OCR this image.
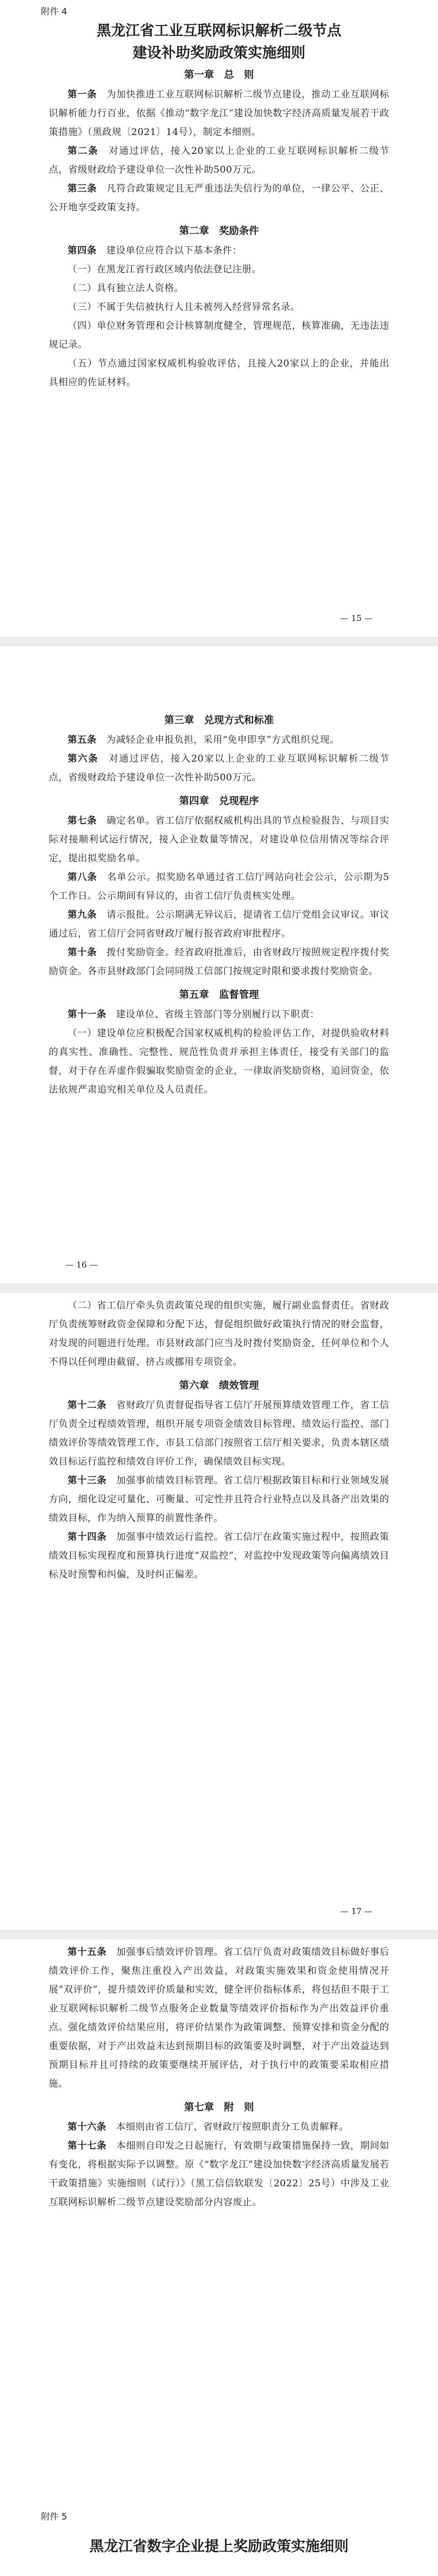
附件 4
黑龙江省工业互联网标识解析二级节点
建设补助奖励政策实施细则
第一章　总　则

第一条　 为加快推进工业互联网标识解析二级节点建设，推动工业互联网标识解析能力行百业，依据《推动“数字龙江”建设加快数字经济高质量发展若干政策措施》（黑政规〔2021〕14号），制定本细则。

第二条　 对通过评估，接入20家以上企业的工业互联网标识解析二级节点，省级财政给予建设单位一次性补助500万元。

第三条　 凡符合政策规定且无严重违法失信行为的单位，一律公平、公正、公开地享受政策支持。

第二章　奖励条件

第四条　 建设单位应符合以下基本条件：

（一）在黑龙江省行政区域内依法登记注册。

（二）具有独立法人资格。

（三）不属于失信被执行人且未被列入经营异常名录。

（四）单位财务管理和会计核算制度健全，管理规范，核算准确，无违法违规记录。

（五）节点通过国家权威机构验收评估，且接入20家以上的企业，并能出具相应的佐证材料。

— 15 —
第三章　兑现方式和标准

第五条　 为减轻企业申报负担，采用“免申即享”方式组织兑现。

第六条　 对通过评估，接入20家以上企业的工业互联网标识解析二级节点，省级财政给予建设单位一次性补助500万元。

第四章　兑现程序

第七条　 确定名单。省工信厅依据权威机构出具的节点检验报告、与项目实际对接顺利试运行情况，接入企业数量等情况，对建设单位信用情况等综合评定，提出拟奖励名单。

第八条　 名单公示。拟奖励名单通过省工信厅网站向社会公示，公示期为5个工作日。公示期间有异议的，由省工信厅负责核实处理。

第九条　 请示报批。公示期满无异议后，提请省工信厅党组会议审议。审议通过后，省工信厅会同省财政厅履行报省政府审批程序。

第十条　 拨付奖励资金。经省政府批准后，由省财政厅按照规定程序拨付奖励资金。各市县财政部门会同同级工信部门按规定时限和要求拨付奖励资金。

第五章　监督管理

第十一条　 建设单位、省级主管部门等分别履行以下职责：

（一）建设单位应积极配合国家权威机构的检验评估工作，对提供验收材料的真实性、准确性、完整性、规范性负责并承担主体责任，接受有关部门的监督，对于存在弄虚作假骗取奖励资金的企业，一律取消奖励资格，追回资金，依法依规严肃追究相关单位及人员责任。

— 16 —

（二）省工信厅牵头负责政策兑现的组织实施，履行副业监督责任。省财政厅负责统筹财政资金保障和分配下达，督促组织做好政策执行情况的财会监督，对发现的问题进行处理。市县财政部门应当及时拨付奖励资金，任何单位和个人不得以任何理由截留、挤占或挪用专项资金。

第六章　绩效管理

第十二条　 省财政厅负责督促指导省工信厅开展预算绩效管理工作，省工信厅负责全过程绩效管理，组织开展专项资金绩效目标管理、绩效运行监控、部门绩效评价等绩效管理工作，市县工信部门按照省工信厅相关要求，负责本辖区绩效目标运行监控和绩效自评价工作，确保绩效目标实现。

第十三条　 加强事前绩效目标管理。省工信厅根据政策目标和行业领域发展方向，细化设定可量化、可衡量、可定性并且符合行业特点以及具备产出效果的绩效目标，作为纳入预算的前置性条件。

第十四条　 加强事中绩效运行监控。省工信厅在政策实施过程中，按照政策绩效目标实现程度和预算执行进度“双监控”，对监控中发现政策等向偏离绩效目标及时预警和纠偏，及时纠正偏差。

— 17 —

第十五条　 加强事后绩效评价管理。省工信厅负责对政策绩效目标做好事后绩效评价工作，聚焦注重投入产出效益，对政策实施效果和资金使用情况开展“双评价”，提升绩效评价质量和实效，健全评价指标体系，将包括但不限于工业互联网标识解析二级节点服务企业数量等绩效评价指标作为产出效益评价重点。强化绩效评价结果应用，将评价结果作为政策调整、预算安排和资金分配的重要依据，对于产出效益未达到预期目标的政策要及时调整，对于产出效益达到预期目标并且可持续的政策要继续开展评估，对于执行中的政策要采取相应措施。

第七章　附　则

第十六条　 本细则由省工信厅、省财政厅按照职责分工负责解释。

第十七条　 本细则自印发之日起施行，有效期与政策措施保持一致，期间如有变化，将根据实际予以调整。原《“数字龙江”建设加快数字经济高质量发展若干政策措施》实施细则（试行）》（黑工信信软联发〔2022〕25号）中涉及工业互联网标识解析二级节点建设奖励部分内容废止。

附件 5
黑龙江省数字企业提上奖励政策实施细则
